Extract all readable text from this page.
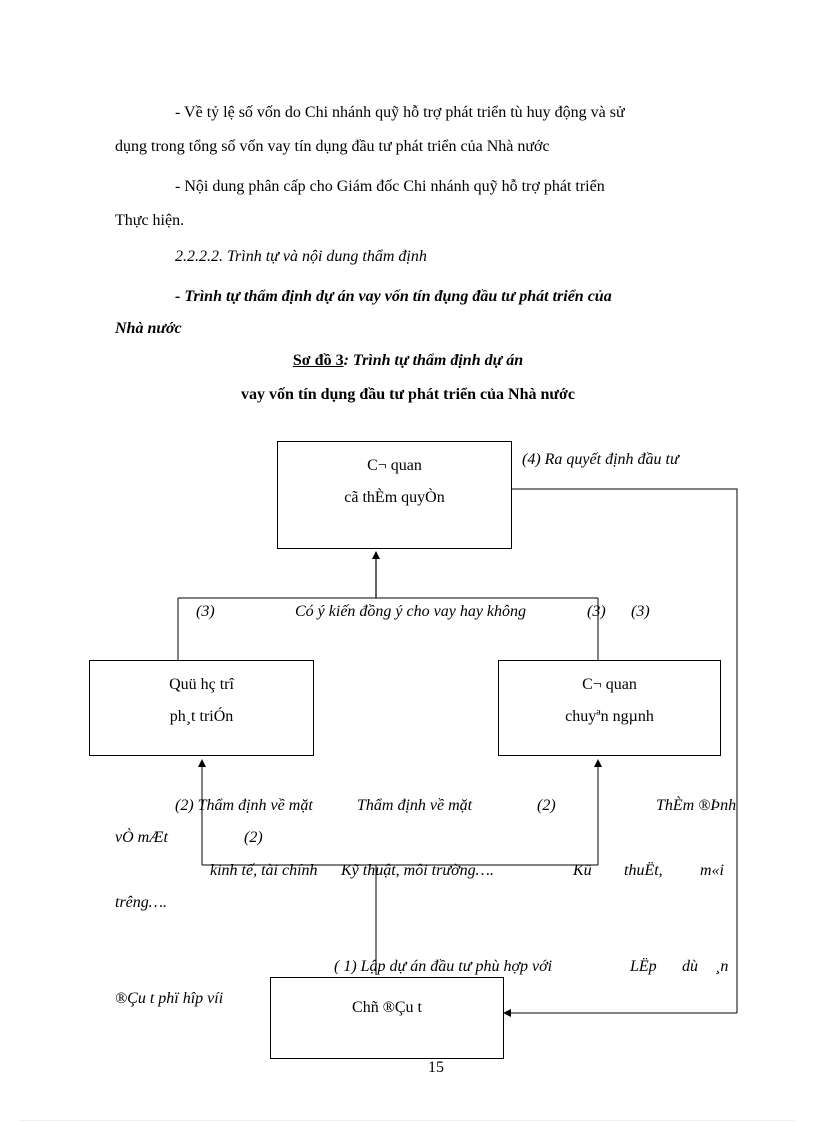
- Về tỷ lệ số vốn do Chi nhánh quỹ hỗ trợ phát triển tù huy động và sử

dụng trong tổng số vốn vay tín dụng đầu tư phát triển của Nhà nước

- Nội dung phân cấp cho Giám đốc Chi nhánh quỹ hỗ trợ phát triển

Thực hiện.

2.2.2.2. Trình tự và nội dung thẩm định

- Trình tự thẩm định dự án vay vốn tín đụng đầu tư phát triển của

Nhà nước

Sơ đồ 3: Trình tự thẩm định dự án
vay vốn tín dụng đầu tư phát triển của Nhà nước
C¬ quan
cã thÈm quyÒn
Quü hç trî
ph¸t triÓn
C¬ quan
chuyªn ngµnh
Chñ ®Çu t
(4) Ra quyết định đầu tư
(3)	Có ý kiến đồng ý cho vay hay không	(3) (3)
(2) Thẩm định về mặt	Thẩm định về mặt	(2)	ThÈm ®Þnh
vÒ mÆt	(2)
kinh tế, tài chính Kỹ thuật, môi trường….	Kü thuËt, m«i
trêng….
( 1) Lập dự án đầu tư phù hợp với	LËp dù ¸n
®Çu t phï hîp víi
15
